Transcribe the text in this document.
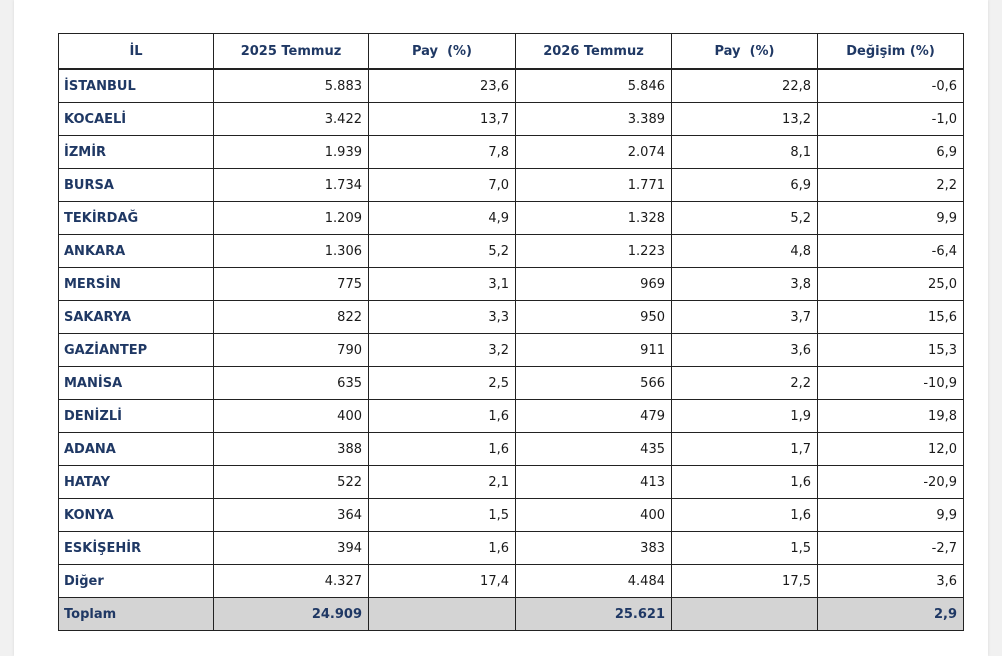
İL	2025 Temmuz	Pay  (%)	2026 Temmuz	Pay  (%)	Değişim (%)
İSTANBUL	5.883	23,6	5.846	22,8	-0,6
KOCAELİ	3.422	13,7	3.389	13,2	-1,0
İZMİR	1.939	7,8	2.074	8,1	6,9
BURSA	1.734	7,0	1.771	6,9	2,2
TEKİRDAĞ	1.209	4,9	1.328	5,2	9,9
ANKARA	1.306	5,2	1.223	4,8	-6,4
MERSİN	775	3,1	969	3,8	25,0
SAKARYA	822	3,3	950	3,7	15,6
GAZİANTEP	790	3,2	911	3,6	15,3
MANİSA	635	2,5	566	2,2	-10,9
DENİZLİ	400	1,6	479	1,9	19,8
ADANA	388	1,6	435	1,7	12,0
HATAY	522	2,1	413	1,6	-20,9
KONYA	364	1,5	400	1,6	9,9
ESKİŞEHİR	394	1,6	383	1,5	-2,7
Diğer	4.327	17,4	4.484	17,5	3,6
Toplam	24.909		25.621		2,9
